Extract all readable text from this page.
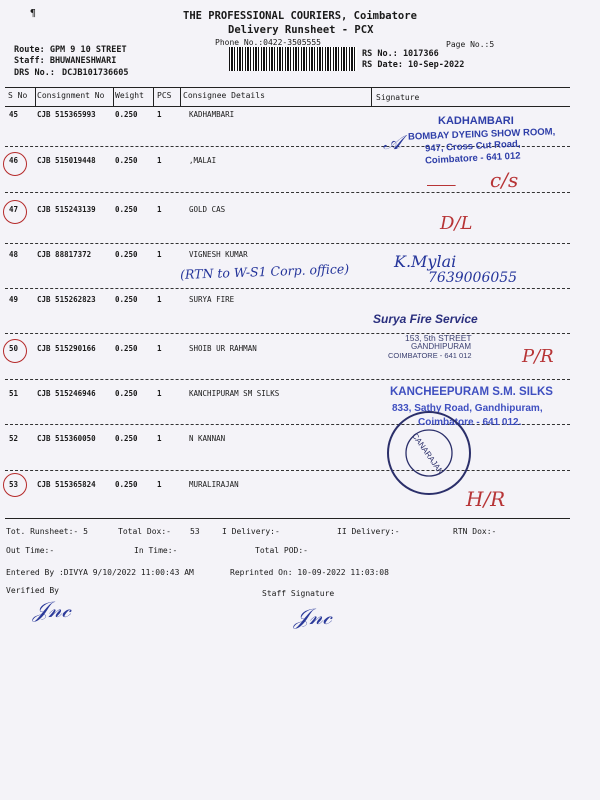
¶	THE PROFESSIONAL COURIERS, Coimbatore
Delivery Runsheet - PCX
Phone No.:0422-3505555	Page No.:5
Route: GPM 9 10 STREET
Staff: BHUWANESHWARI
DRS No.: DCJB101736605
RS No.: 1017366
RS Date: 10-Sep-2022
S No Consignment No Weight PCS Consignee Details	Signature
45	CJB 515365993	0.250	1	KADHAMBARI
46	CJB 515019448	0.250	1	,MALAI
47	CJB 515243139	0.250	1	GOLD CAS
48	CJB 88817372	0.250	1	VIGNESH KUMAR
49	CJB 515262823	0.250	1	SURYA FIRE
50	CJB 515290166	0.250	1	SHOIB UR RAHMAN
51	CJB 515246946	0.250	1	KANCHIPURAM SM SILKS
52	CJB 515360050	0.250	1	N KANNAN
53	CJB 515365824	0.250	1	MURALIRAJAN
KADHAMBARI
BOMBAY DYEING SHOW ROOM,
947, Cross Cut Road,
Coimbatore - 641 012
𝒜
c/s

D/L
(RTN to W-S1 Corp. office)	K.Mylai
7639006055
Surya Fire Service
153, 5th STREET
GANDHIPURAM
COIMBATORE - 641 012	P/R
KANCHEEPURAM S.M. SILKS
833, Sathy Road, Gandhipuram,
Coimbatore - 641 012.
CANARAJAN
H/R
Tot. Runsheet:- 5	Total Dox:- 53	I Delivery:-	II Delivery:-	RTN Dox:-
Out Time:-	In Time:-	Total POD:-
Entered By :DIVYA 9/10/2022 11:00:43 AM	Reprinted On: 10-09-2022 11:03:08
Verified By	Staff Signature
𝒥𝓃𝒸	𝒥𝓃𝒸
